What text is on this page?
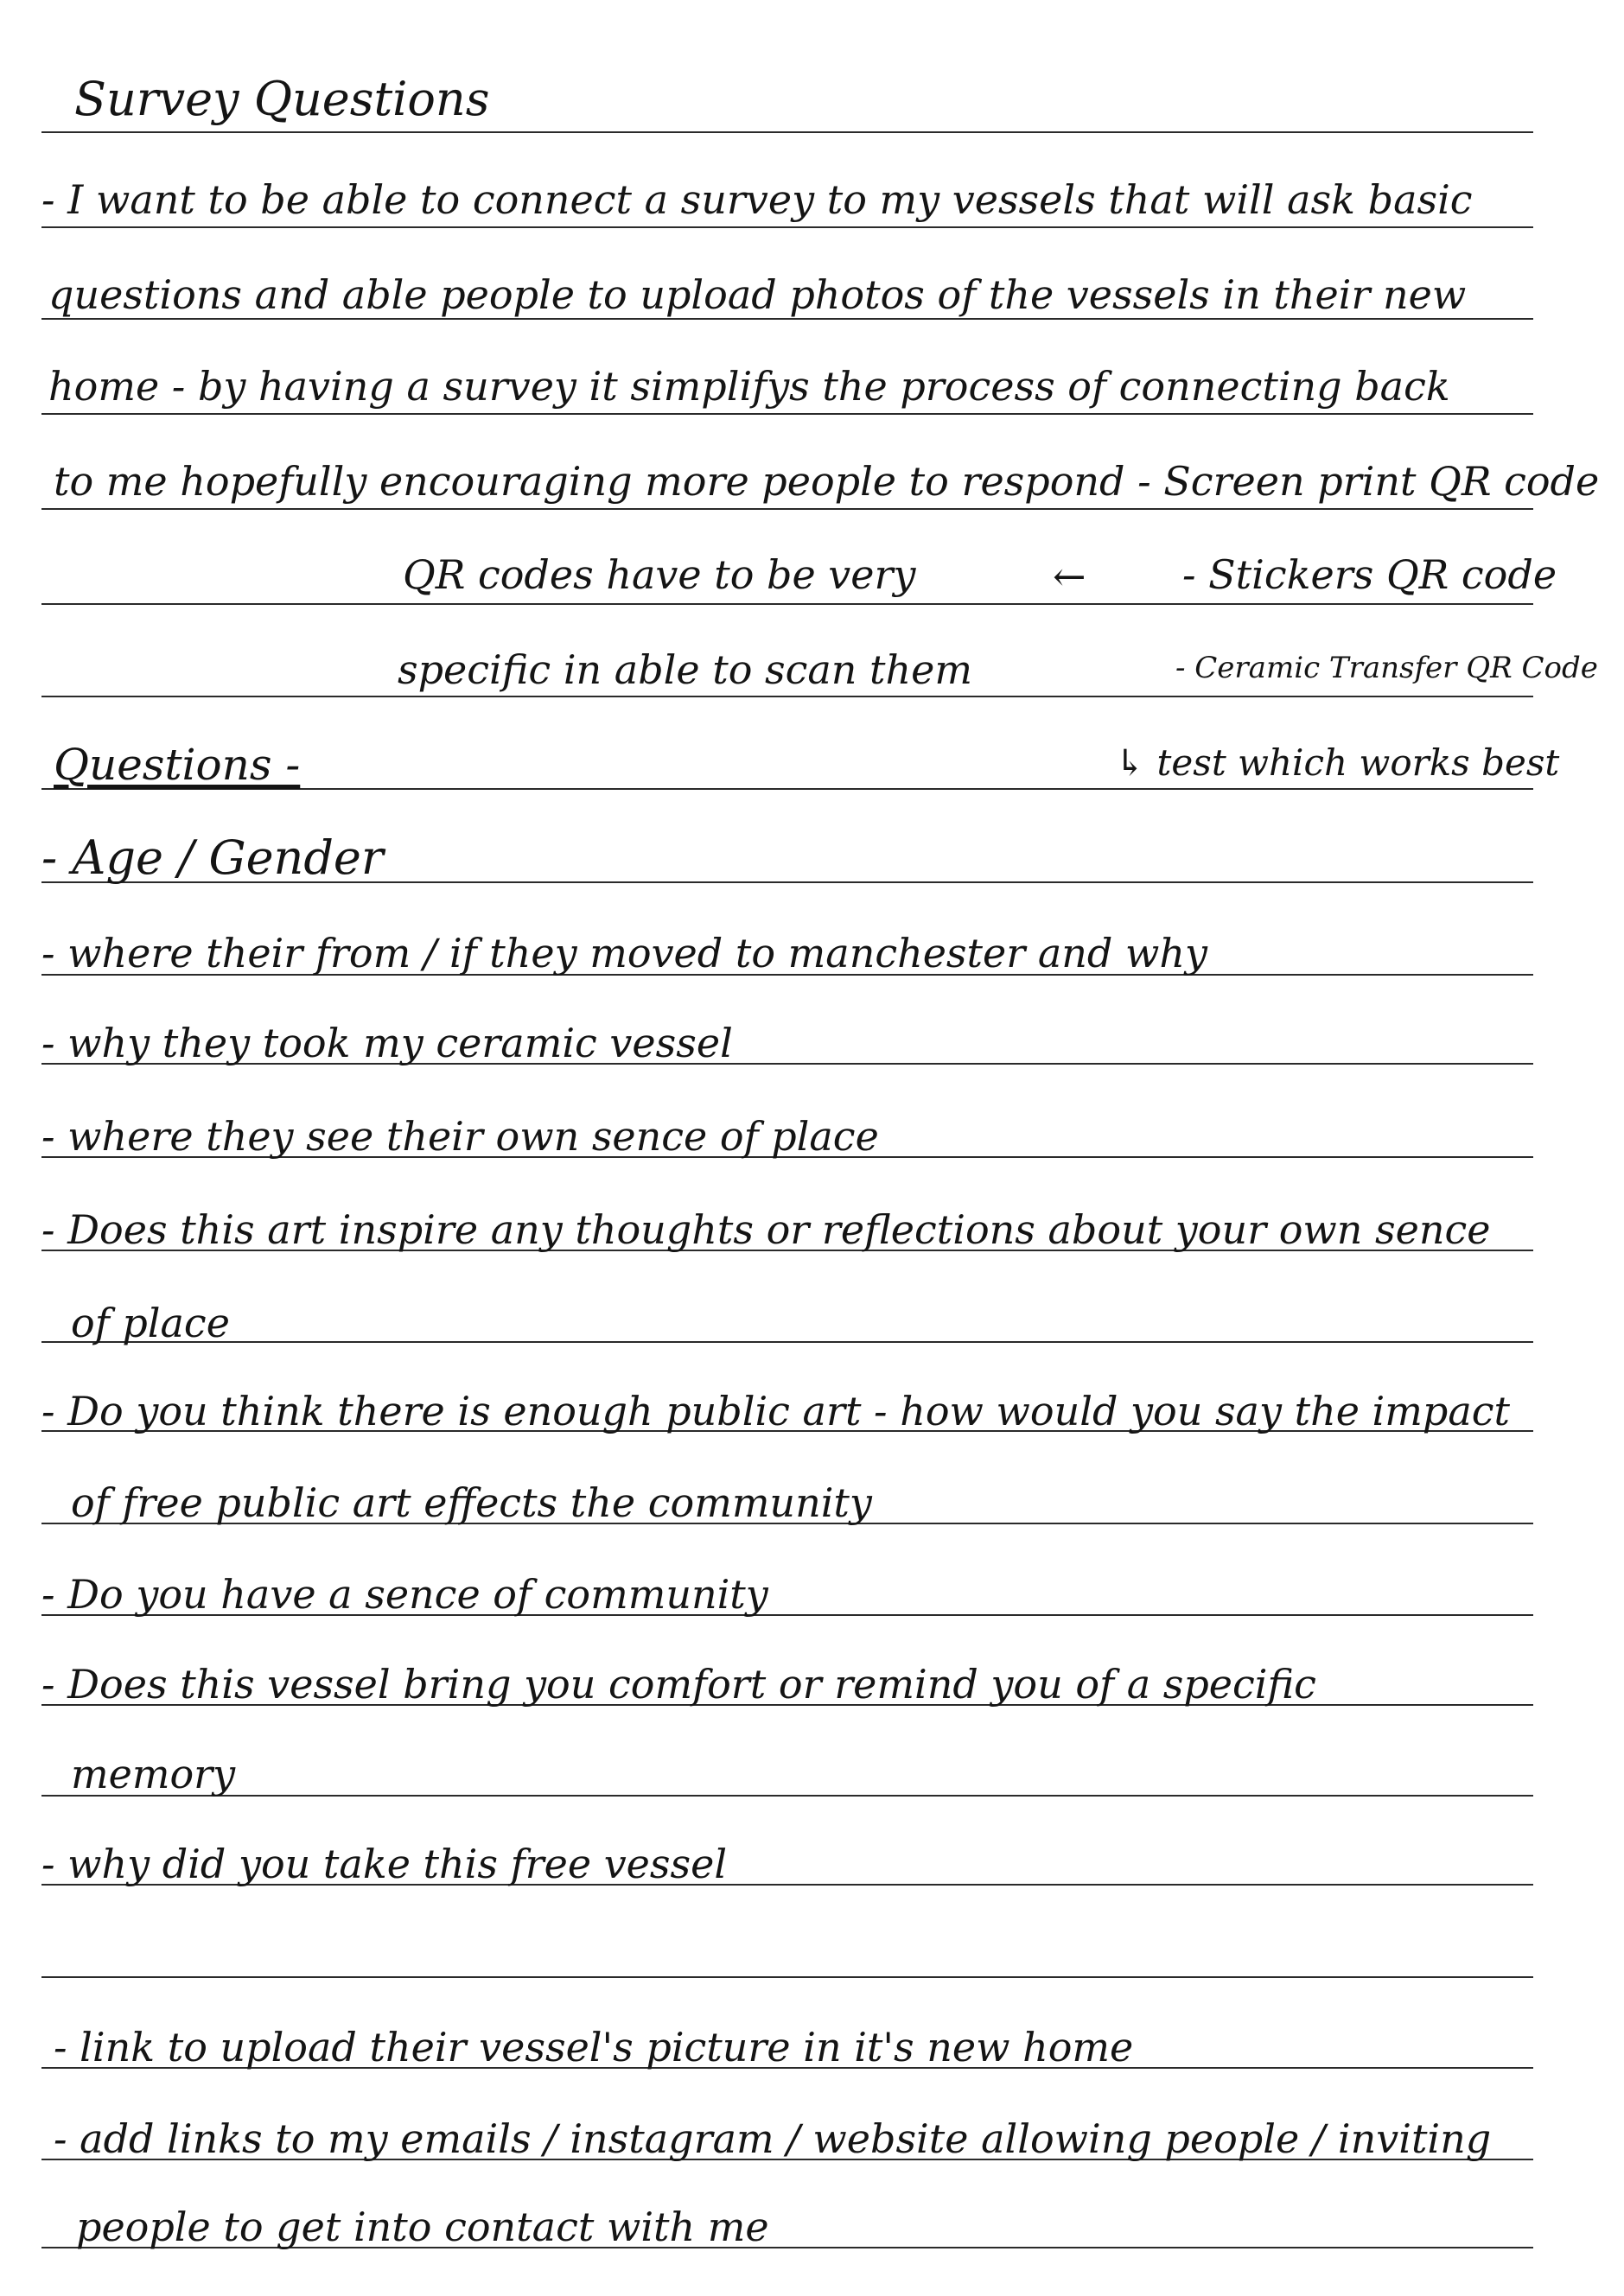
Survey Questions
- I want to be able to connect a survey to my vessels that will ask basic
questions and able people to upload photos of the vessels in their new
home - by having a survey it simplifys the process of connecting back
to me hopefully encouraging more people to respond - Screen print QR code
QR codes have to be very
specific in able to scan them
← - Stickers QR code
- Ceramic Transfer QR Code
↳ test which works best
Questions -
- Age / Gender
- where their from / if they moved to manchester and why
- why they took my ceramic vessel
- where they see their own sence of place
- Does this art inspire any thoughts or reflections about your own sence
of place
- Do you think there is enough public art - how would you say the impact
of free public art effects the community
- Do you have a sence of community
- Does this vessel bring you comfort or remind you of a specific
memory
- why did you take this free vessel
- link to upload their vessel's picture in it's new home
- add links to my emails / instagram / website allowing people / inviting
people to get into contact with me
